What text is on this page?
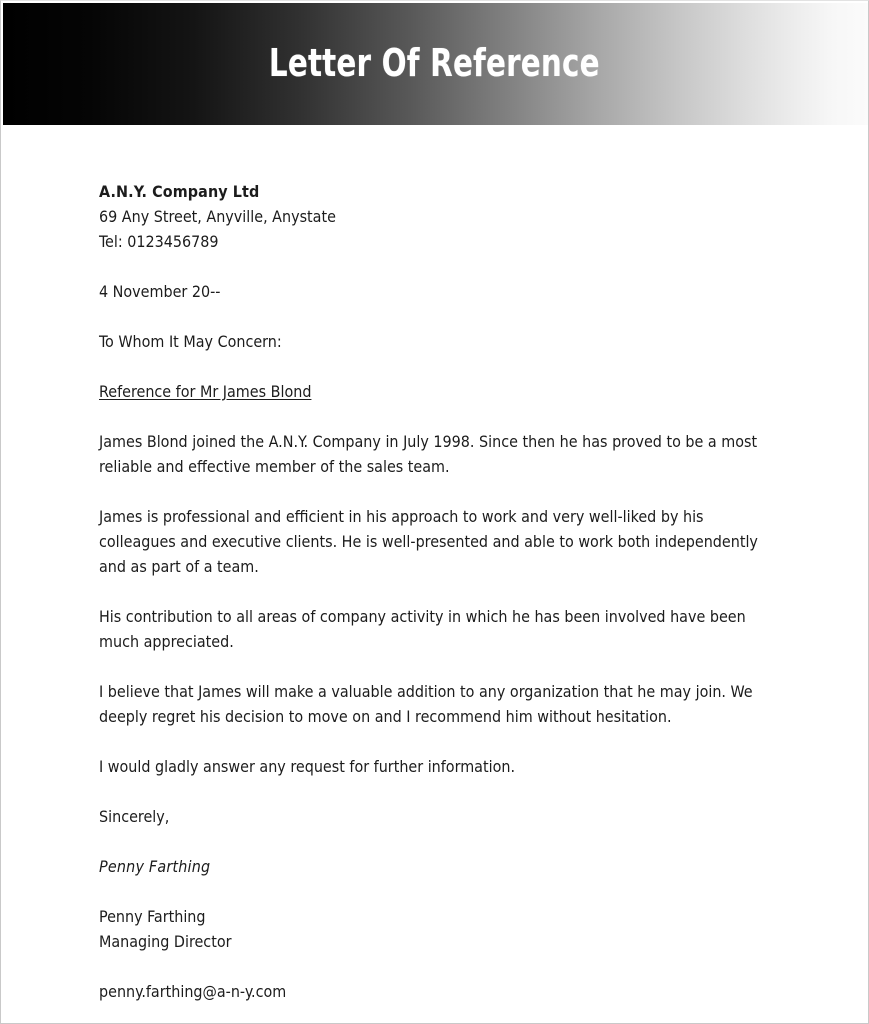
Letter Of Reference

A.N.Y. Company Ltd

69 Any Street, Anyville, Anystate

Tel: 0123456789

4 November 20--

To Whom It May Concern:

Reference for Mr James Blond

James Blond joined the A.N.Y. Company in July 1998. Since then he has proved to be a most reliable and effective member of the sales team.

James is professional and efficient in his approach to work and very well-liked by his colleagues and executive clients. He is well-presented and able to work both independently and as part of a team.

His contribution to all areas of company activity in which he has been involved have been much appreciated.

I believe that James will make a valuable addition to any organization that he may join. We deeply regret his decision to move on and I recommend him without hesitation.

I would gladly answer any request for further information.

Sincerely,

Penny Farthing

Penny Farthing

Managing Director

penny.farthing@a-n-y.com
